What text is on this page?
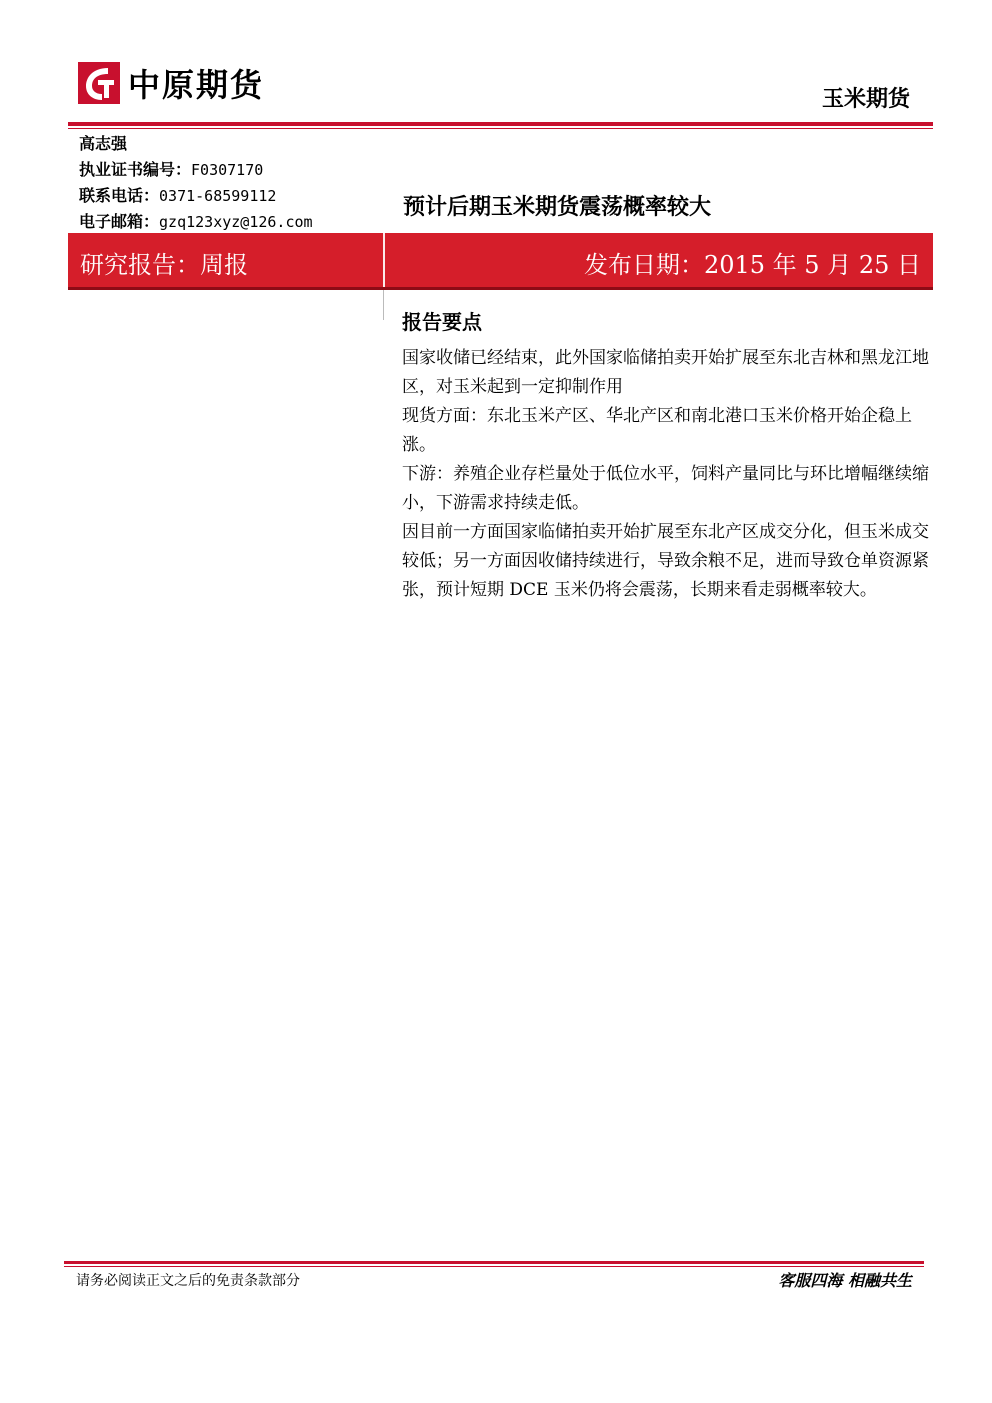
中原期货	玉米期货
高志强
执业证书编号：F0307170
联系电话：0371-68599112
电子邮箱：gzq123xyz@126.com
预计后期玉米期货震荡概率较大
研究报告：周报	发布日期：2015 年 5 月 25 日
报告要点

国家收储已经结束，此外国家临储拍卖开始扩展至东北吉林和黑龙江地区，对玉米起到一定抑制作用

现货方面：东北玉米产区、华北产区和南北港口玉米价格开始企稳上涨。

下游：养殖企业存栏量处于低位水平，饲料产量同比与环比增幅继续缩小，下游需求持续走低。

因目前一方面国家临储拍卖开始扩展至东北产区成交分化，但玉米成交较低；另一方面因收储持续进行，导致余粮不足，进而导致仓单资源紧张，预计短期 DCE 玉米仍将会震荡，长期来看走弱概率较大。

请务必阅读正文之后的免责条款部分	客服四海 相融共生
